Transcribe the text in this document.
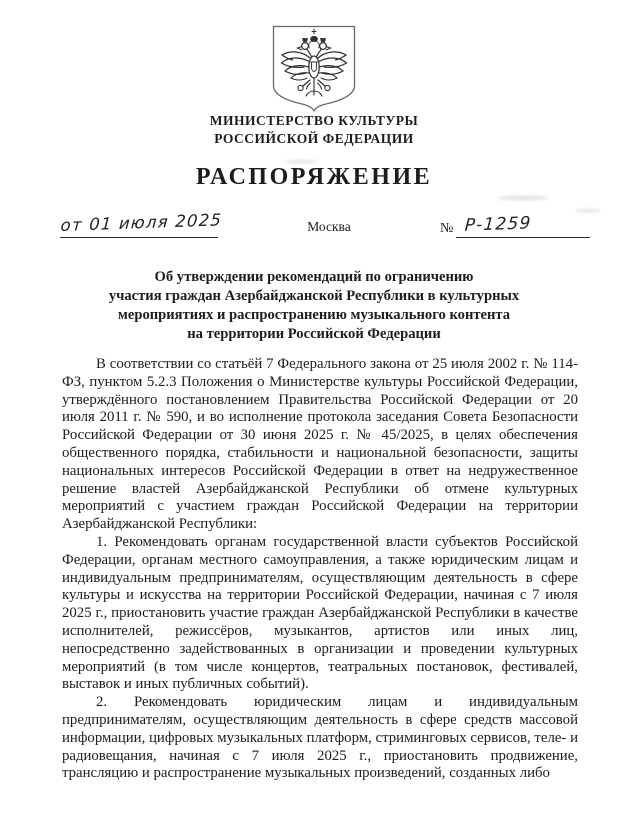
МИНИСТЕРСТВО КУЛЬТУРЫ
РОССИЙСКОЙ ФЕДЕРАЦИИ
РАСПОРЯЖЕНИЕ
от 01 июля 2025	Москва	№ Р-1259
Об утверждении рекомендаций по ограничению
участия граждан Азербайджанской Республики в культурных
мероприятиях и распространению музыкального контента
на территории Российской Федерации

В соответствии со статьёй 7 Федерального закона от 25 июля 2002 г. № 114-ФЗ, пунктом 5.2.3 Положения о Министерстве культуры Российской Федерации, утверждённого постановлением Правительства Российской Федерации от 20 июля 2011 г. № 590, и во исполнение протокола заседания Совета Безопасности Российской Федерации от 30 июня 2025 г. № 45/2025, в целях обеспечения общественного порядка, стабильности и национальной безопасности, защиты национальных интересов Российской Федерации в ответ на недружественное решение властей Азербайджанской Республики об отмене культурных мероприятий с участием граждан Российской Федерации на территории Азербайджанской Республики:

1. Рекомендовать органам государственной власти субъектов Российской Федерации, органам местного самоуправления, а также юридическим лицам и индивидуальным предпринимателям, осуществляющим деятельность в сфере культуры и искусства на территории Российской Федерации, начиная с 7 июля 2025 г., приостановить участие граждан Азербайджанской Республики в качестве исполнителей, режиссёров, музыкантов, артистов или иных лиц, непосредственно задействованных в организации и проведении культурных мероприятий (в том числе концертов, театральных постановок, фестивалей, выставок и иных публичных событий).

2. Рекомендовать юридическим лицам и индивидуальным предпринимателям, осуществляющим деятельность в сфере средств массовой информации, цифровых музыкальных платформ, стриминговых сервисов, теле- и радиовещания, начиная с 7 июля 2025 г., приостановить продвижение, трансляцию и распространение музыкальных произведений, созданных либо
